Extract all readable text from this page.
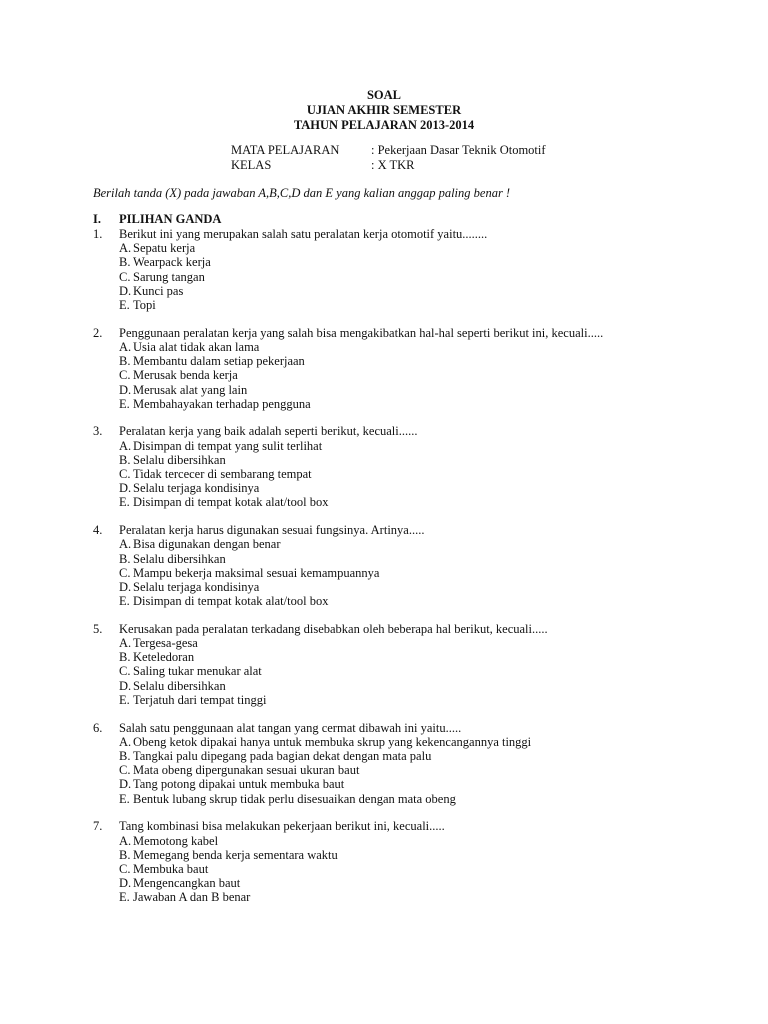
SOAL
UJIAN AKHIR SEMESTER
TAHUN PELAJARAN 2013-2014
MATA PELAJARAN	: Pekerjaan Dasar Teknik Otomotif
KELAS	: X TKR
Berilah tanda (X) pada jawaban A,B,C,D dan E yang kalian anggap paling benar !
I.	PILIHAN GANDA
1.	Berikut ini yang merupakan salah satu peralatan kerja otomotif yaitu........
A. Sepatu kerja
B. Wearpack kerja
C. Sarung tangan
D. Kunci pas
E. Topi
2.	Penggunaan peralatan kerja yang salah bisa mengakibatkan hal-hal seperti berikut ini, kecuali.....
A. Usia alat tidak akan lama
B. Membantu dalam setiap pekerjaan
C. Merusak benda kerja
D. Merusak alat yang lain
E. Membahayakan terhadap pengguna
3.	Peralatan kerja yang baik adalah seperti berikut, kecuali......
A. Disimpan di tempat yang sulit terlihat
B. Selalu dibersihkan
C. Tidak tercecer di sembarang tempat
D. Selalu terjaga kondisinya
E. Disimpan di tempat kotak alat/tool box
4.	Peralatan kerja harus digunakan sesuai fungsinya. Artinya.....
A. Bisa digunakan dengan benar
B. Selalu dibersihkan
C. Mampu bekerja maksimal sesuai kemampuannya
D. Selalu terjaga kondisinya
E. Disimpan di tempat kotak alat/tool box
5.	Kerusakan pada peralatan terkadang disebabkan oleh beberapa hal berikut, kecuali.....
A. Tergesa-gesa
B. Keteledoran
C. Saling tukar menukar alat
D. Selalu dibersihkan
E. Terjatuh dari tempat tinggi
6.	Salah satu penggunaan alat tangan yang cermat dibawah ini yaitu.....
A. Obeng ketok dipakai hanya untuk membuka skrup yang kekencangannya tinggi
B. Tangkai palu dipegang pada bagian dekat dengan mata palu
C. Mata obeng dipergunakan sesuai ukuran baut
D. Tang potong dipakai untuk membuka baut
E. Bentuk lubang skrup tidak perlu disesuaikan dengan mata obeng
7.	Tang kombinasi bisa melakukan pekerjaan berikut ini, kecuali.....
A. Memotong kabel
B. Memegang benda kerja sementara waktu
C. Membuka baut
D. Mengencangkan baut
E. Jawaban A dan B benar
